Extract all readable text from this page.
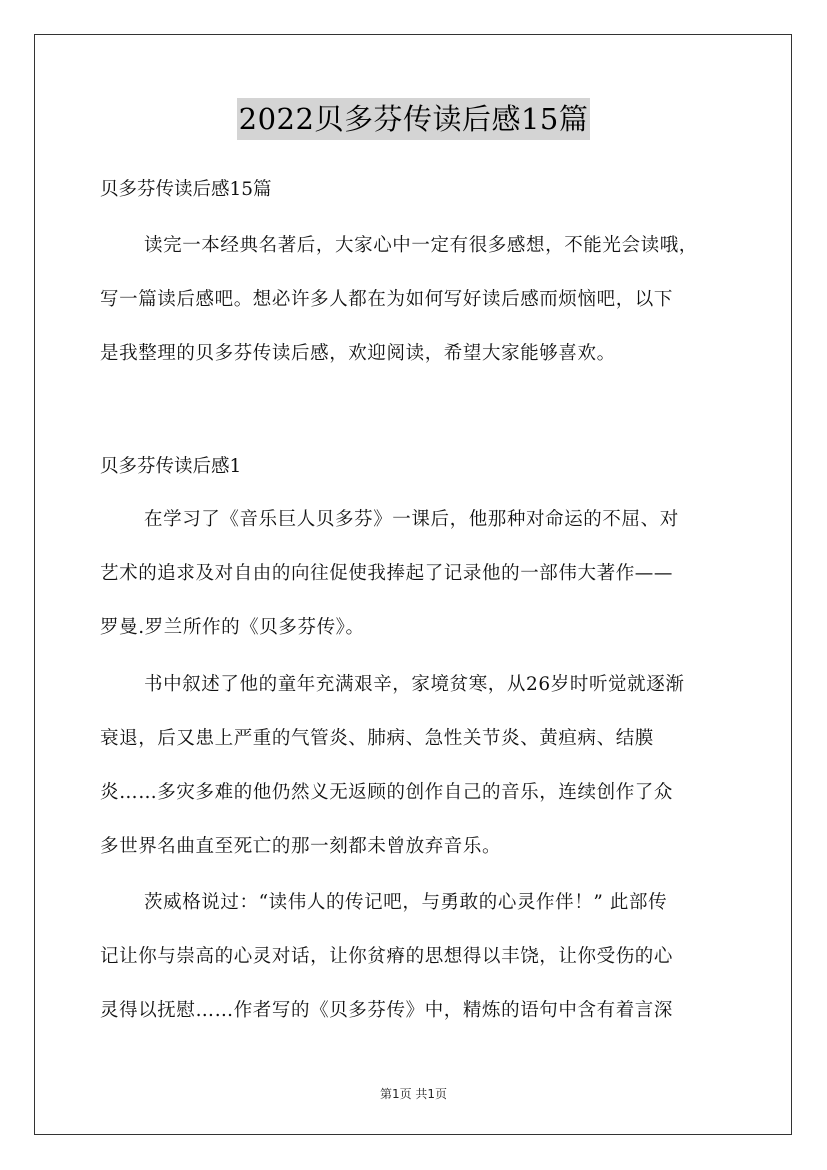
2022贝多芬传读后感15篇
贝多芬传读后感15篇
读完一本经典名著后，大家心中一定有很多感想，不能光会读哦，
写一篇读后感吧。想必许多人都在为如何写好读后感而烦恼吧，以下
是我整理的贝多芬传读后感，欢迎阅读，希望大家能够喜欢。
贝多芬传读后感1
在学习了《音乐巨人贝多芬》一课后，他那种对命运的不屈、对
艺术的追求及对自由的向往促使我捧起了记录他的一部伟大著作——
罗曼.罗兰所作的《贝多芬传》。
书中叙述了他的童年充满艰辛，家境贫寒，从26岁时听觉就逐渐
衰退，后又患上严重的气管炎、肺病、急性关节炎、黄疸病、结膜
炎……多灾多难的他仍然义无返顾的创作自己的音乐，连续创作了众
多世界名曲直至死亡的那一刻都未曾放弃音乐。
茨威格说过：“读伟人的传记吧，与勇敢的心灵作伴！” 此部传
记让你与崇高的心灵对话，让你贫瘠的思想得以丰饶，让你受伤的心
灵得以抚慰……作者写的《贝多芬传》中，精炼的语句中含有着言深
第1页 共1页
